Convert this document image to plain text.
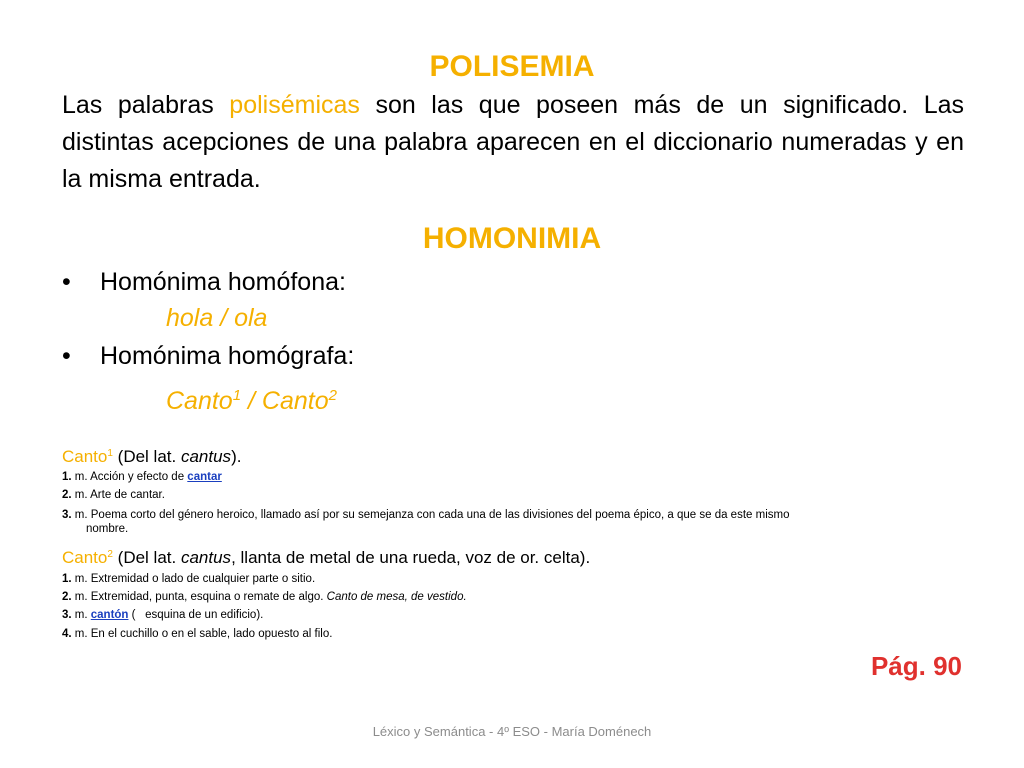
POLISEMIA
Las palabras polisémicas son las que poseen más de un significado. Las distintas acepciones de una palabra aparecen en el diccionario numeradas y en la misma entrada.
HOMONIMIA
• Homónima homófona:
hola / ola
• Homónima homógrafa:
Canto$^1$ / Canto$^2$
Canto$^1$ (Del lat. cantus).
1. m. Acción y efecto de cantar
2. m. Arte de cantar.
3. m. Poema corto del género heroico, llamado así por su semejanza con cada una de las divisiones del poema épico, a que se da este mismo
nombre.
Canto$^2$ (Del lat. cantus, llanta de metal de una rueda, voz de or. celta).
1. m. Extremidad o lado de cualquier parte o sitio.
2. m. Extremidad, punta, esquina o remate de algo. Canto de mesa, de vestido.
3. m. cantón (   esquina de un edificio).
4. m. En el cuchillo o en el sable, lado opuesto al filo.
Pág. 90
Léxico y Semántica - 4º ESO - María Doménech
